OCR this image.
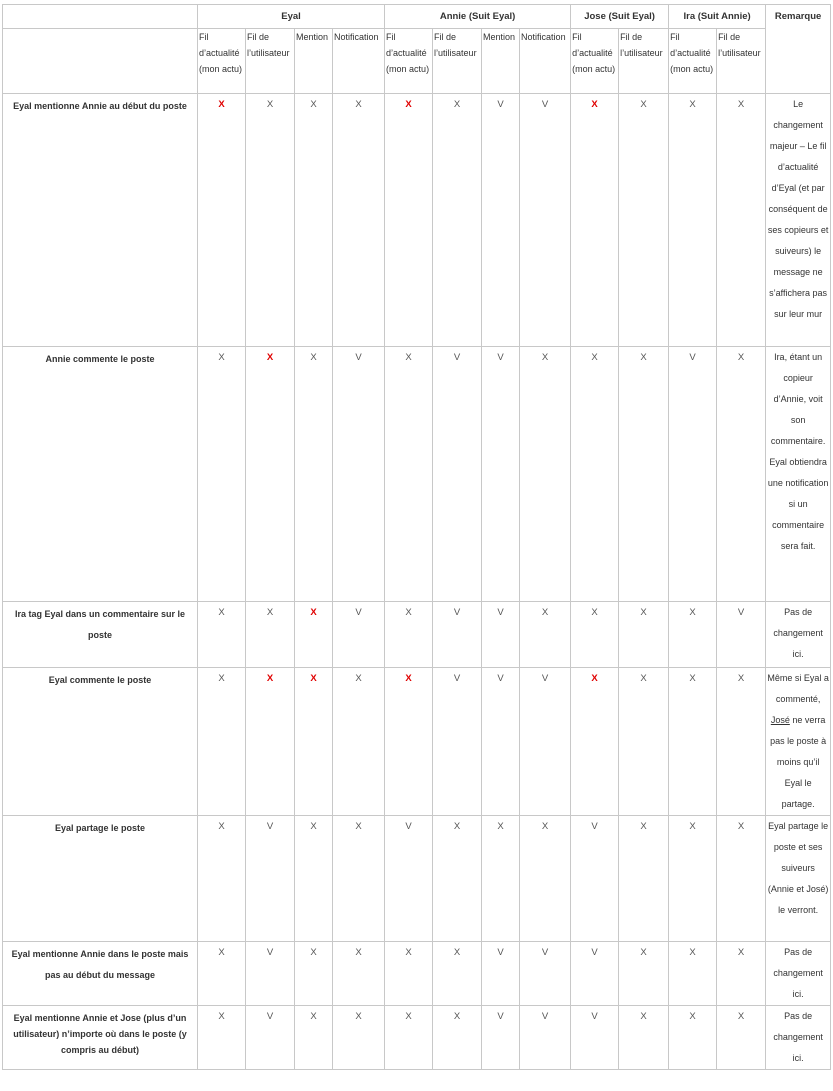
	Eyal				Annie (Suit Eyal)				Jose (Suit Eyal)		Ira (Suit Annie)		Remarque
	Fil d’actualité (mon actu)	Fil de l’utilisateur	Mention	Notification	Fil d’actualité (mon actu)	Fil de l’utilisateur	Mention	Notification	Fil d’actualité (mon actu)	Fil de l’utilisateur	Fil d’actualité (mon actu)	Fil de l’utilisateur	
Eyal mentionne Annie au début du poste	X	X	X	X	X	X	V	V	X	X	X	X	Le changement majeur – Le fil d’actualité d’Eyal (et par conséquent de ses copieurs et suiveurs) le message ne s’affichera pas sur leur mur
Annie commente le poste	X	X	X	V	X	V	V	X	X	X	V	X	Ira, étant un copieur d’Annie, voit son commentaire. Eyal obtiendra une notification si un commentaire sera fait.
Ira tag Eyal dans un commentaire sur le poste	X	X	X	V	X	V	V	X	X	X	X	V	Pas de changement ici.
Eyal commente le poste	X	X	X	X	X	V	V	V	X	X	X	X	Même si Eyal a commenté, José ne verra pas le poste à moins qu’il Eyal le partage.
Eyal partage le poste	X	V	X	X	V	X	X	X	V	X	X	X	Eyal partage le poste et ses suiveurs (Annie et José) le verront.
Eyal mentionne Annie dans le poste mais pas au début du message	X	V	X	X	X	X	V	V	V	X	X	X	Pas de changement ici.
Eyal mentionne Annie et Jose (plus d’un utilisateur) n’importe où dans le poste (y compris au début)	X	V	X	X	X	X	V	V	V	X	X	X	Pas de changement ici.
